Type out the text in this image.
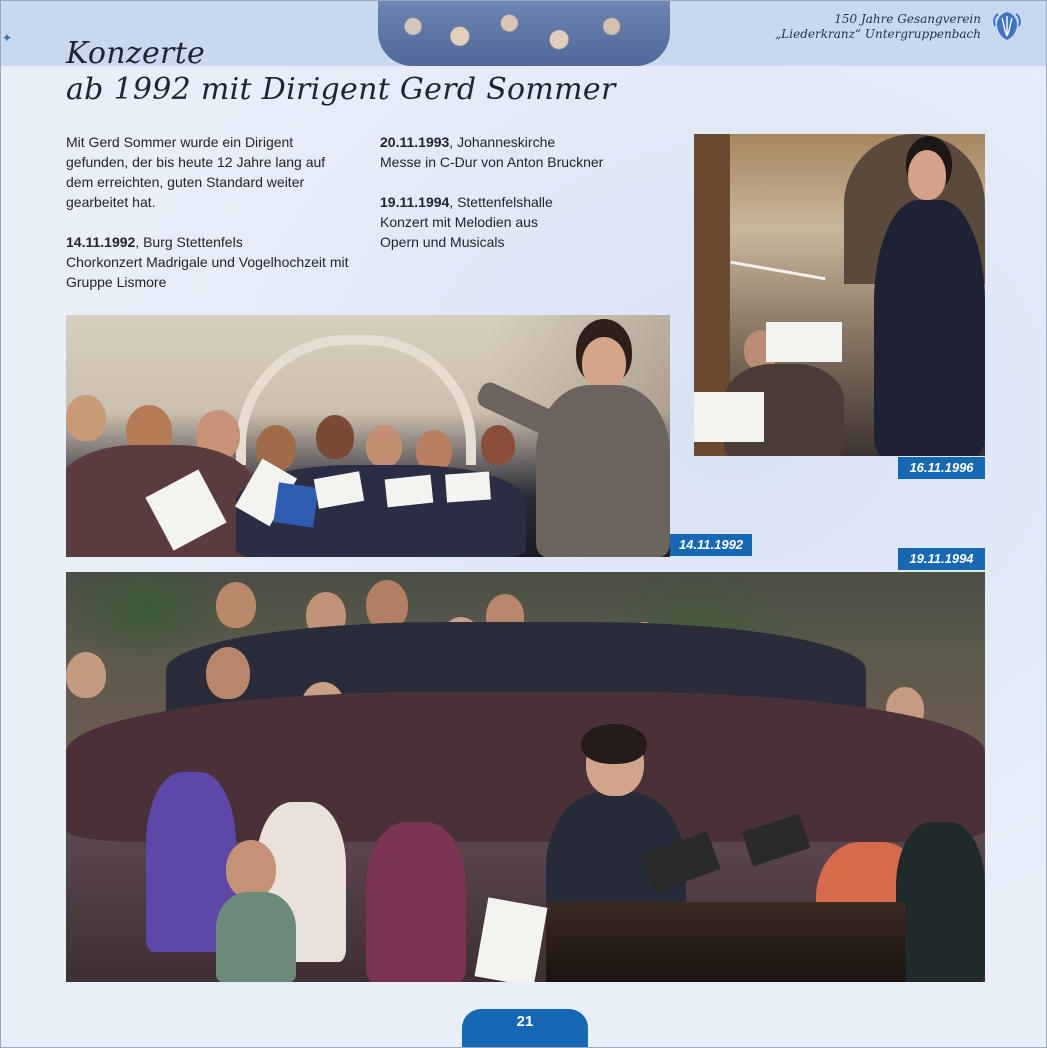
✦
150 Jahre Gesangverein
„Liederkranz“ Untergruppenbach
Konzerte
ab 1992 mit Dirigent Gerd Sommer

Mit Gerd Sommer wurde ein Dirigent gefunden, der bis heute 12 Jahre lang auf dem erreichten, guten Standard weiter gearbeitet hat.

14.11.1992, Burg Stettenfels
Chorkonzert Madrigale und Vogelhochzeit mit Gruppe Lismore

20.11.1993, Johanneskirche
Messe in C-Dur von Anton Bruckner

19.11.1994, Stettenfelshalle
Konzert mit Melodien aus Opern und Musicals

14.11.1992
16.11.1996
19.11.1994
21
